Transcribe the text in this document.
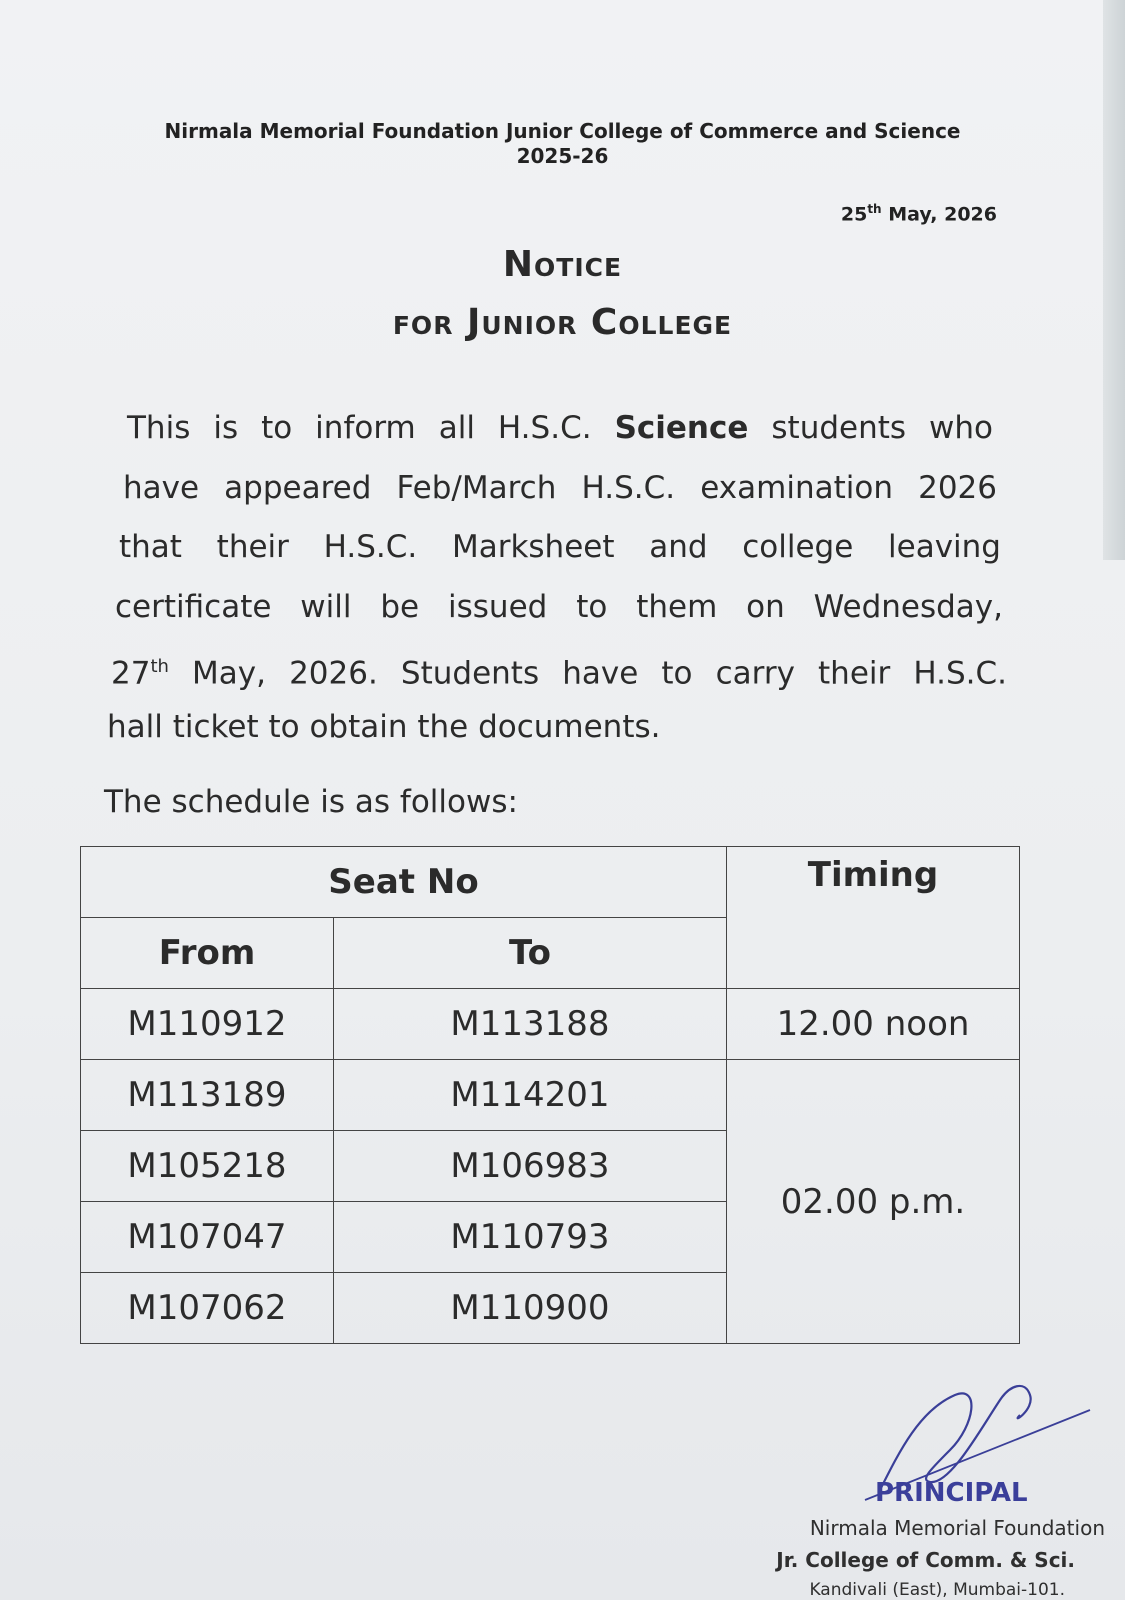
Nirmala Memorial Foundation Junior College of Commerce and Science
2025-26
25th May, 2026
Notice
for Junior College
This is to inform all H.S.C. Science students who
have appeared Feb/March H.S.C. examination 2026
that their H.S.C. Marksheet and college leaving
certificate will be issued to them on Wednesday,
27th May, 2026. Students have to carry their H.S.C.
hall ticket to obtain the documents.
The schedule is as follows:
Seat No		Timing
From	To	
M110912	M113188	12.00 noon
M113189	M114201	02.00 p.m.
M105218	M106983	
M107047	M110793	
M107062	M110900	
PRINCIPAL
Nirmala Memorial Foundation
Jr. College of Comm. & Sci.
Kandivali (East), Mumbai-101.
